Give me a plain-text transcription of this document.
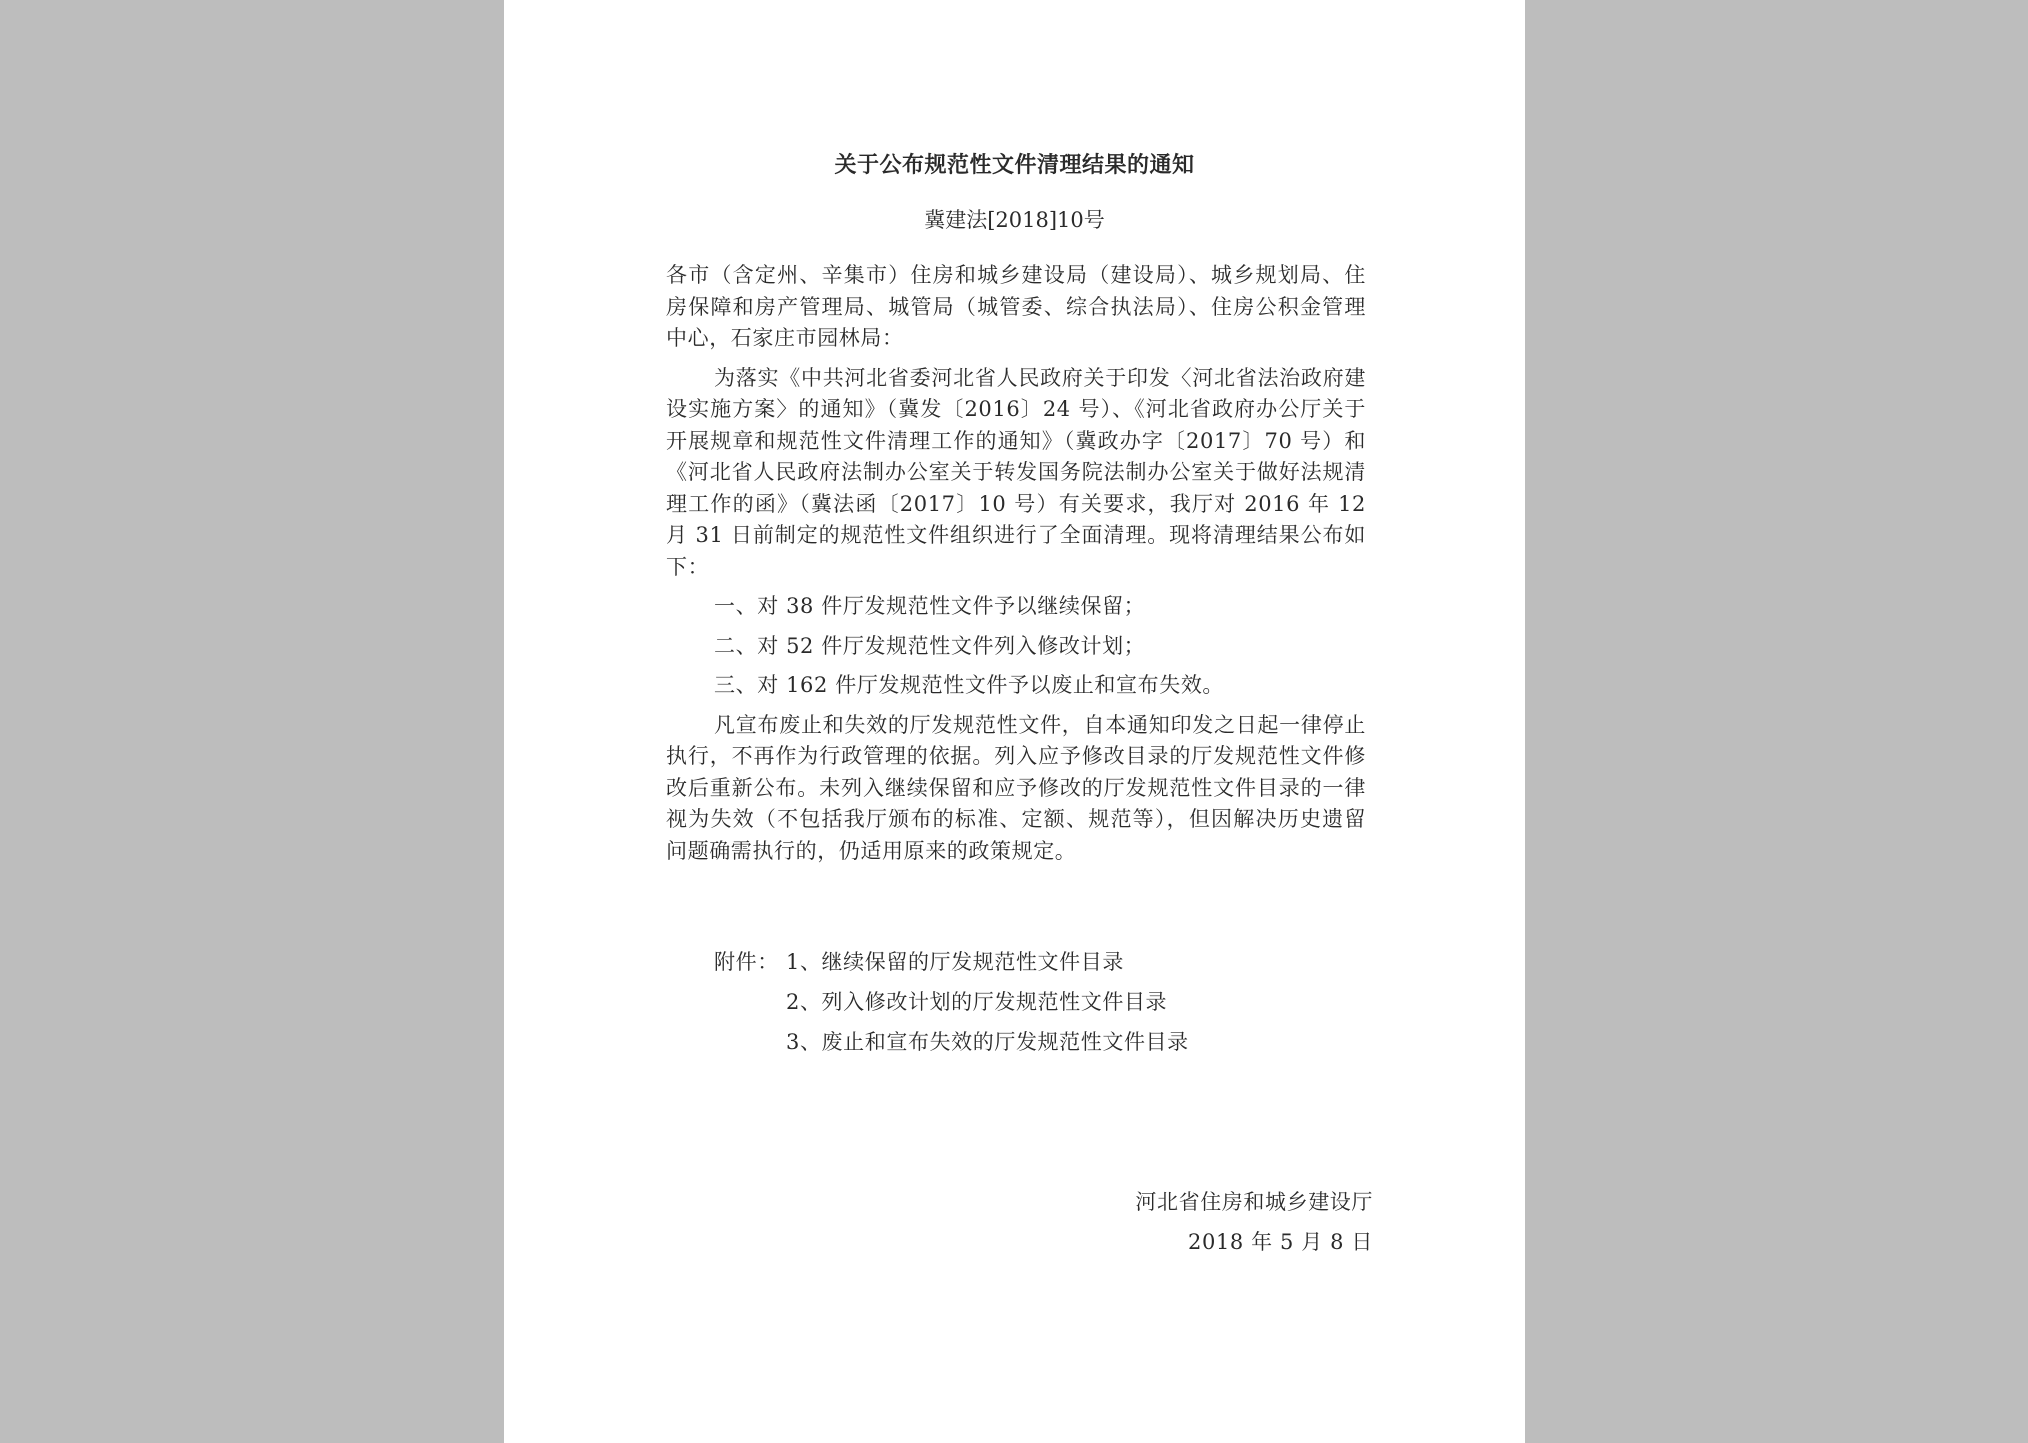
关于公布规范性文件清理结果的通知
冀建法[2018]10号

各市（含定州、辛集市）住房和城乡建设局（建设局）、城乡规划局、住房保障和房产管理局、城管局（城管委、综合执法局）、住房公积金管理中心，石家庄市园林局：

为落实《中共河北省委河北省人民政府关于印发〈河北省法治政府建设实施方案〉的通知》（冀发〔2016〕24 号）、《河北省政府办公厅关于开展规章和规范性文件清理工作的通知》（冀政办字〔2017〕70 号）和《河北省人民政府法制办公室关于转发国务院法制办公室关于做好法规清理工作的函》（冀法函〔2017〕10 号）有关要求，我厅对 2016 年 12 月 31 日前制定的规范性文件组织进行了全面清理。现将清理结果公布如下：

一、对 38 件厅发规范性文件予以继续保留；

二、对 52 件厅发规范性文件列入修改计划；

三、对 162 件厅发规范性文件予以废止和宣布失效。

凡宣布废止和失效的厅发规范性文件，自本通知印发之日起一律停止执行，不再作为行政管理的依据。列入应予修改目录的厅发规范性文件修改后重新公布。未列入继续保留和应予修改的厅发规范性文件目录的一律视为失效（不包括我厅颁布的标准、定额、规范等），但因解决历史遗留问题确需执行的，仍适用原来的政策规定。

附件： 1、继续保留的厅发规范性文件目录
2、列入修改计划的厅发规范性文件目录
3、废止和宣布失效的厅发规范性文件目录
河北省住房和城乡建设厅
2018 年 5 月 8 日
